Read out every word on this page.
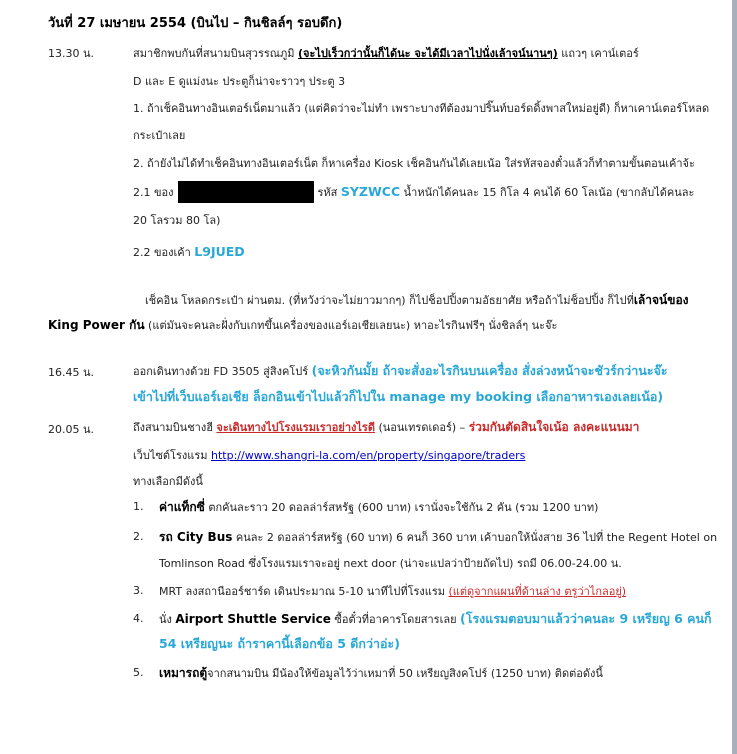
วันที่ 27 เมษายน 2554 (บินไป – กินชิลล์ๆ รอบดึก)
13.30 น.	สมาชิกพบกันที่สนามบินสุวรรณภูมิ (จะไปเร็วกว่านั้นก็ได้นะ จะได้มีเวลาไปนั่งเล้าจน์นานๆ) แถวๆ เคาน์เตอร์
D และ E ดูแม่งนะ ประตูก็น่าจะราวๆ ประตู 3
1. ถ้าเช็คอินทางอินเตอร์เน็ตมาแล้ว (แต่คิดว่าจะไม่ทำ เพราะบางทีต้องมาปริ๊นท์บอร์ดดิ้งพาสใหม่อยู่ดี) ก็หาเคาน์เตอร์โหลด
กระเป๋าเลย
2. ถ้ายังไม่ได้ทำเช็คอินทางอินเตอร์เน็ต ก็หาเครื่อง Kiosk เช็คอินกันได้เลยเน้อ ใส่รหัสจองตั๋วแล้วก็ทำตามขั้นตอนเค้าจ้ะ
2.1 ของ	รหัส SYZWCC น้ำหนักได้คนละ 15 กิโล 4 คนได้ 60 โลเน้อ (ขากลับได้คนละ
20 โลรวม 80 โล)
2.2 ของเค้า L9JUED
เช็คอิน โหลดกระเป๋า ผ่านตม. (ที่หวังว่าจะไม่ยาวมากๆ) ก็ไปช็อปปิ้งตามอัธยาศัย หรือถ้าไม่ช็อปปิ้ง ก็ไปที่เล้าจน์ของ
King Power กัน (แต่มันจะคนละฝั่งกับเกทขึ้นเครื่องของแอร์เอเชียเลยนะ) หาอะไรกินฟรีๆ นั่งชิลล์ๆ นะจ๊ะ
16.45 น.	ออกเดินทางด้วย FD 3505 สู่สิงคโปร์ (จะหิวกันมั้ย ถ้าจะสั่งอะไรกินบนเครื่อง สั่งล่วงหน้าจะชัวร์กว่านะจ๊ะ
เข้าไปที่เว็บแอร์เอเชีย ล็อกอินเข้าไปแล้วก็ไปใน manage my booking เลือกอาหารเองเลยเน้อ)
20.05 น.	ถึงสนามบินชางฮี จะเดินทางไปโรงแรมเราอย่างไรดี (นอนเทรดเดอร์) – ร่วมกันตัดสินใจเน้อ ลงคะแนนมา
เว็บไซต์โรงแรม http://www.shangri-la.com/en/property/singapore/traders
ทางเลือกมีดังนี้
1. ค่าแท็กซี่ ตกคันละราว 20 ดอลล่าร์สหรัฐ (600 บาท) เรานั่งจะใช้กัน 2 คัน (รวม 1200 บาท)
2. รถ City Bus คนละ 2 ดอลล่าร์สหรัฐ (60 บาท) 6 คนก็ 360 บาท เค้าบอกให้นั่งสาย 36 ไปที่ the Regent Hotel on
Tomlinson Road ซึ่งโรงแรมเราจะอยู่ next door (น่าจะแปลว่าป้ายถัดไป) รถมี 06.00-24.00 น.
3. MRT ลงสถานีออร์ชาร์ด เดินประมาณ 5-10 นาทีไปที่โรงแรม (แต่ดูจากแผนที่ด้านล่าง ตรูว่าไกลอยู่)
4. นั่ง Airport Shuttle Service ซื้อตั๋วที่อาคารโดยสารเลย (โรงแรมตอบมาแล้วว่าคนละ 9 เหรียญ 6 คนก็
54 เหรียญนะ ถ้าราคานี้เลือกข้อ 5 ดีกว่าอ่ะ)
5. เหมารถตู้จากสนามบิน มีน้องให้ข้อมูลไว้ว่าเหมาที่ 50 เหรียญสิงคโปร์ (1250 บาท) ติดต่อดังนี้
